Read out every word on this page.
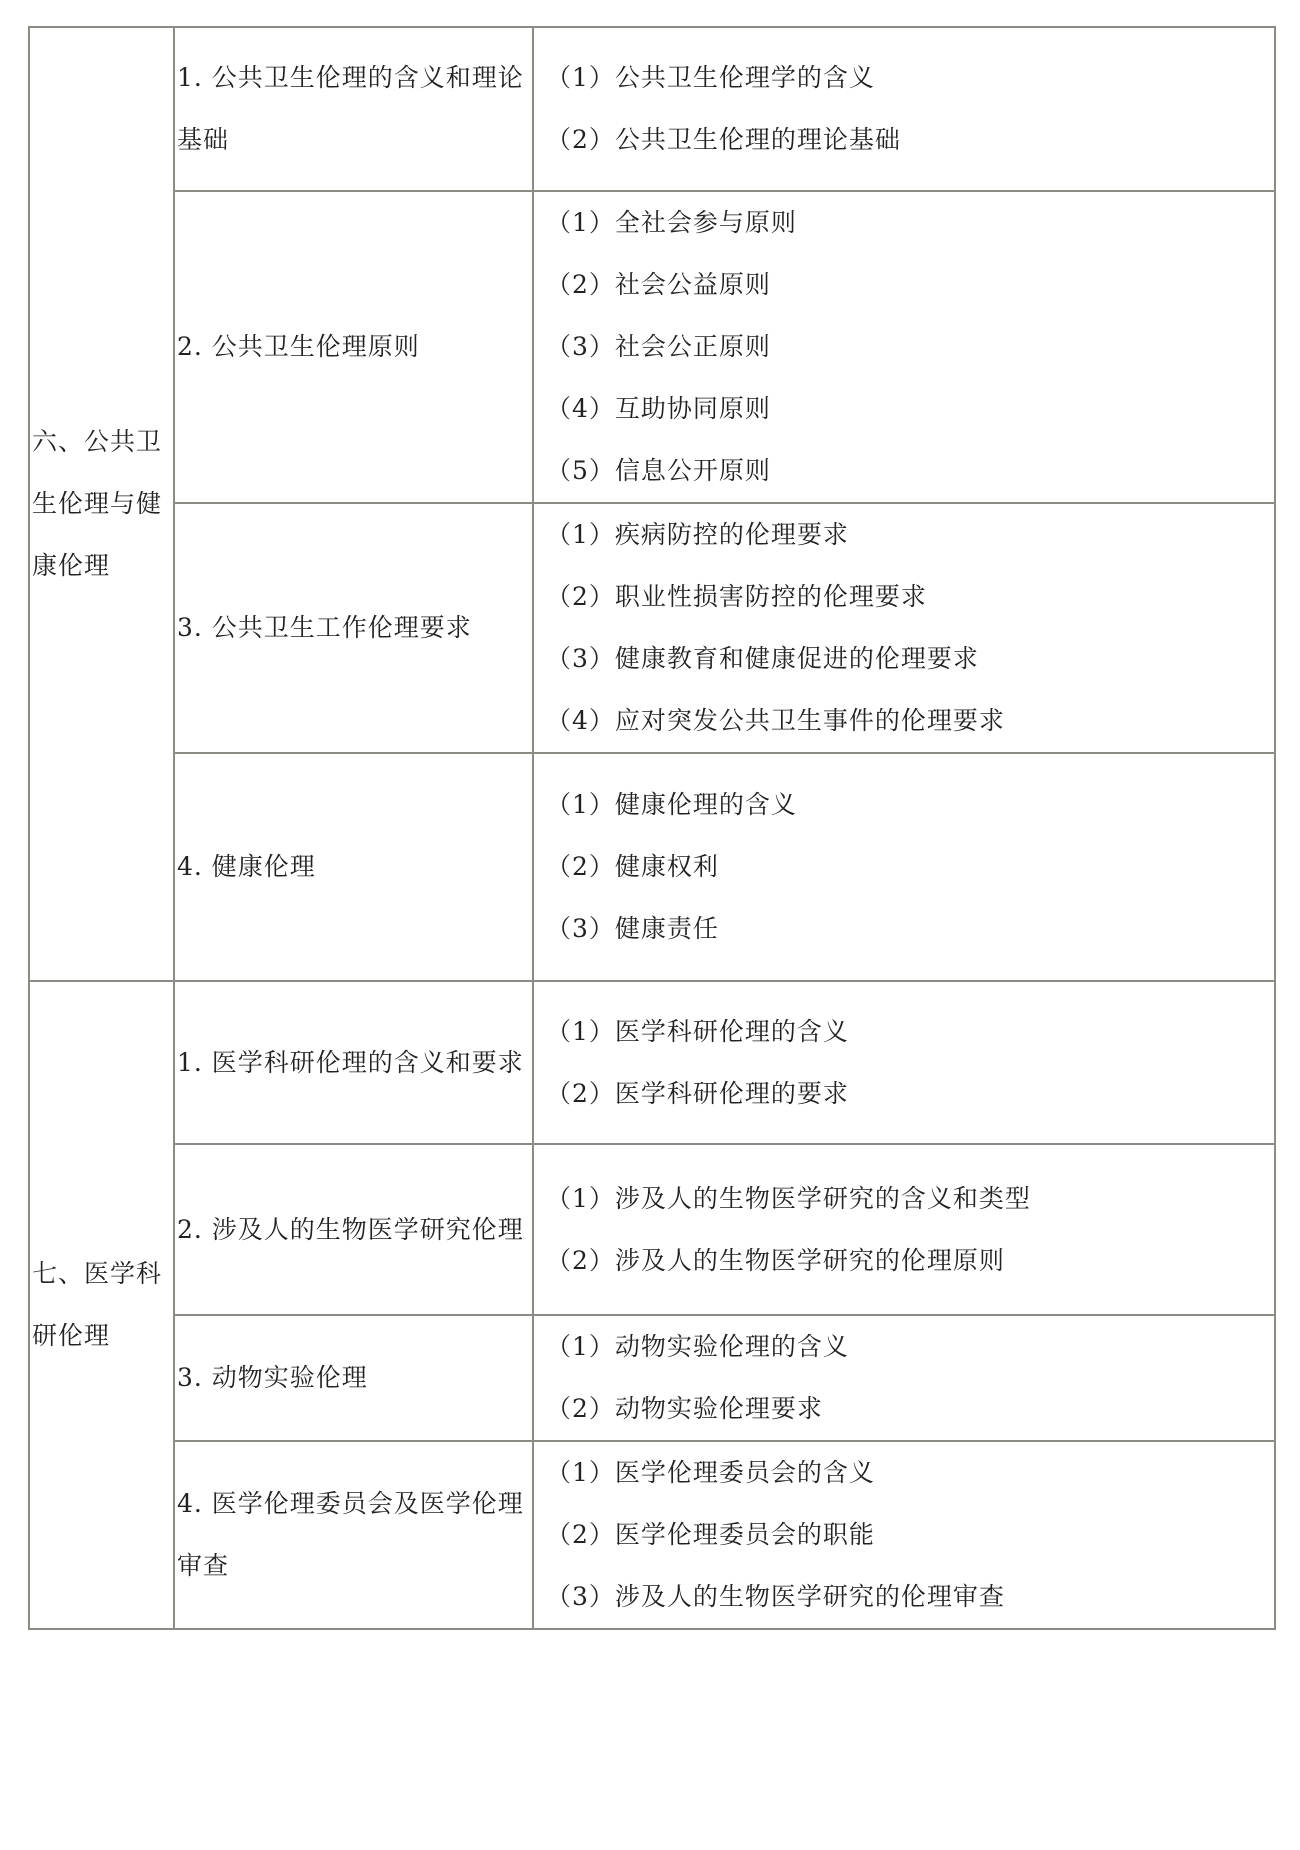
六、公共卫生伦理与健康伦理	1. 公共卫生伦理的含义和理论基础	（1）公共卫生伦理学的含义
（2）公共卫生伦理的理论基础

	2. 公共卫生伦理原则	（1）全社会参与原则
（2）社会公益原则
（3）社会公正原则
（4）互助协同原则
（5）信息公开原则

	3. 公共卫生工作伦理要求	（1）疾病防控的伦理要求
（2）职业性损害防控的伦理要求
（3）健康教育和健康促进的伦理要求
（4）应对突发公共卫生事件的伦理要求

	4. 健康伦理	（1）健康伦理的含义
（2）健康权利
（3）健康责任

七、医学科研伦理	1. 医学科研伦理的含义和要求	（1）医学科研伦理的含义
（2）医学科研伦理的要求

	2. 涉及人的生物医学研究伦理	（1）涉及人的生物医学研究的含义和类型
（2）涉及人的生物医学研究的伦理原则

	3. 动物实验伦理	（1）动物实验伦理的含义
（2）动物实验伦理要求

	4. 医学伦理委员会及医学伦理审查	（1）医学伦理委员会的含义
（2）医学伦理委员会的职能
（3）涉及人的生物医学研究的伦理审查
